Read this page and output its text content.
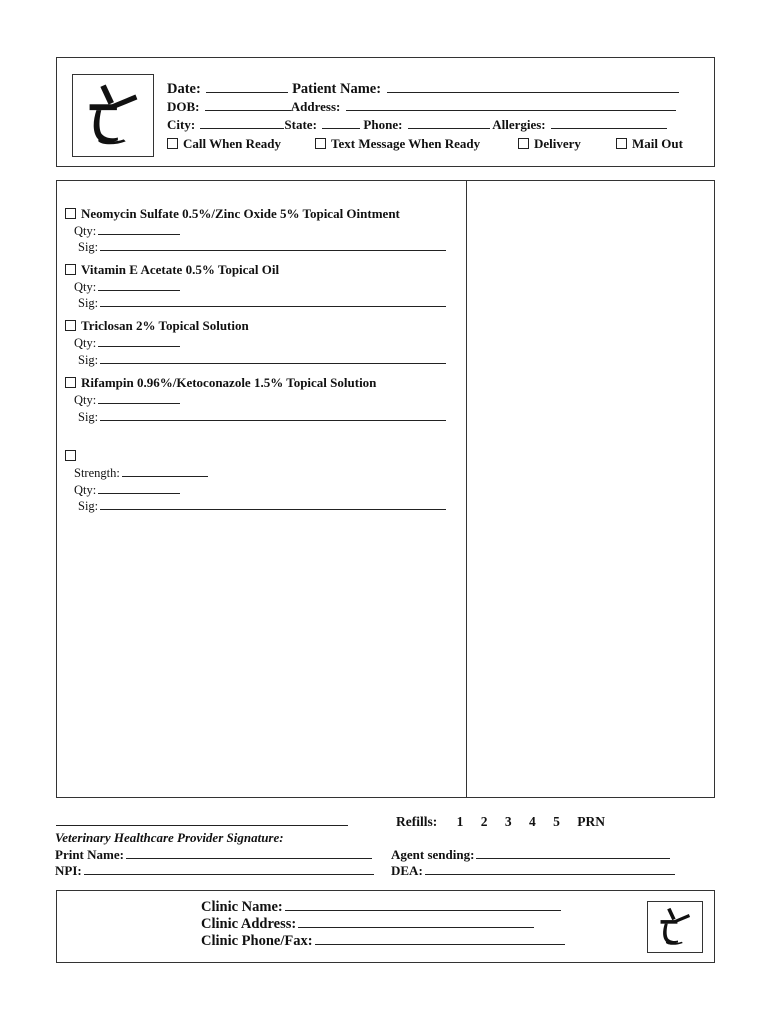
Date:	Patient Name:
DOB:	Address:
City:	State:	Phone:	Allergies:
Call When Ready	Text Message When Ready	Delivery	Mail Out
Neomycin Sulfate 0.5%/Zinc Oxide 5% Topical Ointment
Qty:
Sig:
Vitamin E Acetate 0.5% Topical Oil
Qty:
Sig:
Triclosan 2% Topical Solution
Qty:
Sig:
Rifampin 0.96%/Ketoconazole 1.5% Topical Solution
Qty:
Sig:
Strength:
Qty:
Sig:
Refills: 1 2 3 4 5 PRN
Veterinary Healthcare Provider Signature:
Print Name:	Agent sending:
NPI:	DEA:
Clinic Name:
Clinic Address:
Clinic Phone/Fax:
